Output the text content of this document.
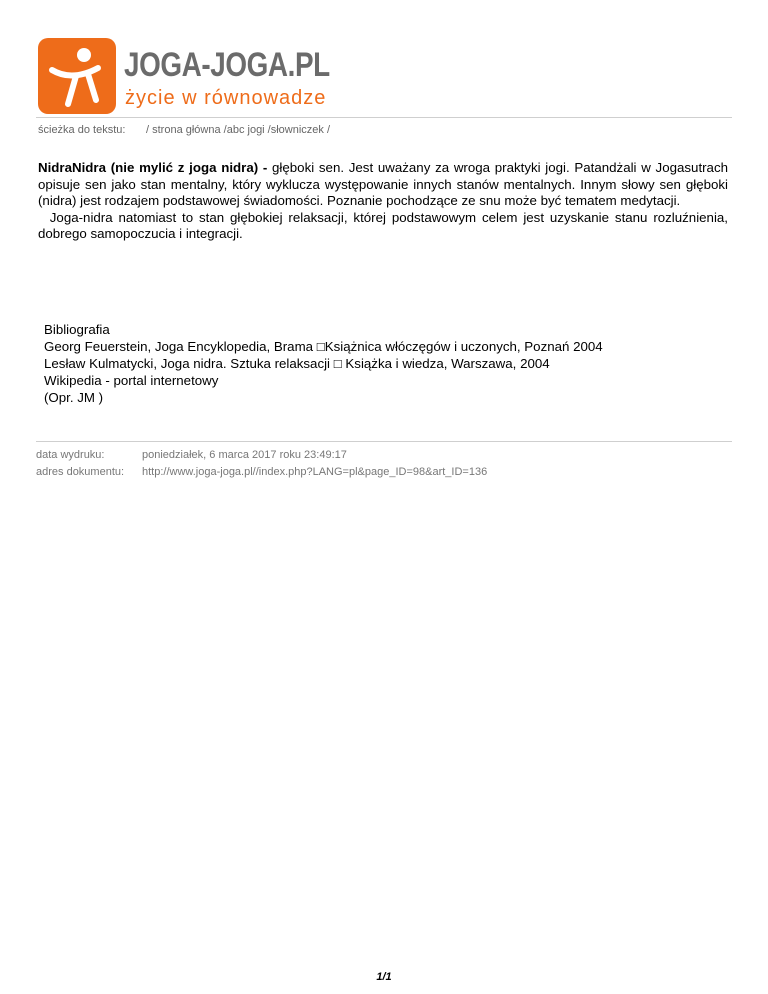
JOGA-JOGA.PL
życie w równowadze
ścieżka do tekstu: / strona główna /abc jogi /słowniczek /

NidraNidra (nie mylić z joga nidra) - głęboki sen. Jest uważany za wroga praktyki jogi. Patandżali w Jogasutrach opisuje sen jako stan mentalny, który wyklucza występowanie innych stanów mentalnych. Innym słowy sen głęboki (nidra) jest rodzajem podstawowej świadomości. Poznanie pochodzące ze snu może być tematem medytacji.

Joga-nidra natomiast to stan głębokiej relaksacji, której podstawowym celem jest uzyskanie stanu rozluźnienia, dobrego samopoczucia i integracji.

Bibliografia
Georg Feuerstein, Joga Encyklopedia, Brama □Książnica włóczęgów i uczonych, Poznań 2004
Lesław Kulmatycki, Joga nidra. Sztuka relaksacji □ Książka i wiedza, Warszawa, 2004
Wikipedia - portal internetowy
(Opr. JM )
data wydruku:	poniedziałek, 6 marca 2017 roku 23:49:17
adres dokumentu: http://www.joga-joga.pl//index.php?LANG=pl&page_ID=98&art_ID=136
1/1
